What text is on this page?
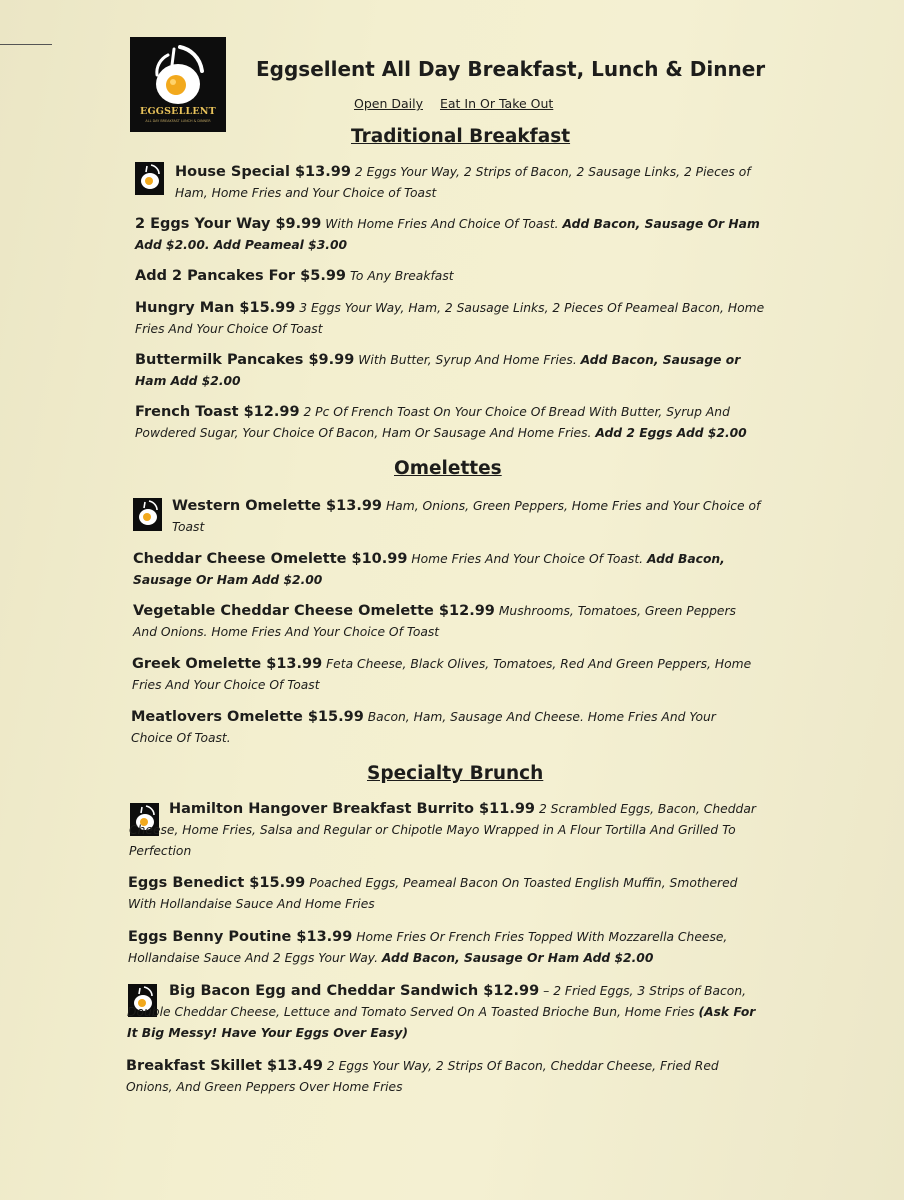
EGGSELLENT
ALL DAY BREAKFAST LUNCH & DINNER
Eggsellent All Day Breakfast, Lunch & Dinner
Open Daily Eat In Or Take Out
Traditional Breakfast
House Special $13.99 2 Eggs Your Way, 2 Strips of Bacon, 2 Sausage Links, 2 Pieces of Ham, Home Fries and Your Choice of Toast
2 Eggs Your Way $9.99 With Home Fries And Choice Of Toast. Add Bacon, Sausage Or Ham Add $2.00. Add Peameal $3.00
Add 2 Pancakes For $5.99 To Any Breakfast
Hungry Man $15.99 3 Eggs Your Way, Ham, 2 Sausage Links, 2 Pieces Of Peameal Bacon, Home Fries And Your Choice Of Toast
Buttermilk Pancakes $9.99 With Butter, Syrup And Home Fries. Add Bacon, Sausage or Ham Add $2.00
French Toast $12.99 2 Pc Of French Toast On Your Choice Of Bread With Butter, Syrup And Powdered Sugar, Your Choice Of Bacon, Ham Or Sausage And Home Fries. Add 2 Eggs Add $2.00
Omelettes
Western Omelette $13.99 Ham, Onions, Green Peppers, Home Fries and Your Choice of Toast
Cheddar Cheese Omelette $10.99 Home Fries And Your Choice Of Toast. Add Bacon, Sausage Or Ham Add $2.00
Vegetable Cheddar Cheese Omelette $12.99 Mushrooms, Tomatoes, Green Peppers And Onions. Home Fries And Your Choice Of Toast
Greek Omelette $13.99 Feta Cheese, Black Olives, Tomatoes, Red And Green Peppers, Home Fries And Your Choice Of Toast
Meatlovers Omelette $15.99 Bacon, Ham, Sausage And Cheese. Home Fries And Your Choice Of Toast.
Specialty Brunch
Hamilton Hangover Breakfast Burrito $11.99 2 Scrambled Eggs, Bacon, Cheddar Cheese, Home Fries, Salsa and Regular or Chipotle Mayo Wrapped in A Flour Tortilla And Grilled To Perfection
Eggs Benedict $15.99 Poached Eggs, Peameal Bacon On Toasted English Muffin, Smothered With Hollandaise Sauce And Home Fries
Eggs Benny Poutine $13.99 Home Fries Or French Fries Topped With Mozzarella Cheese, Hollandaise Sauce And 2 Eggs Your Way. Add Bacon, Sausage Or Ham Add $2.00
Big Bacon Egg and Cheddar Sandwich $12.99 – 2 Fried Eggs, 3 Strips of Bacon, Double Cheddar Cheese, Lettuce and Tomato Served On A Toasted Brioche Bun, Home Fries (Ask For It Big Messy! Have Your Eggs Over Easy)
Breakfast Skillet $13.49 2 Eggs Your Way, 2 Strips Of Bacon, Cheddar Cheese, Fried Red Onions, And Green Peppers Over Home Fries
